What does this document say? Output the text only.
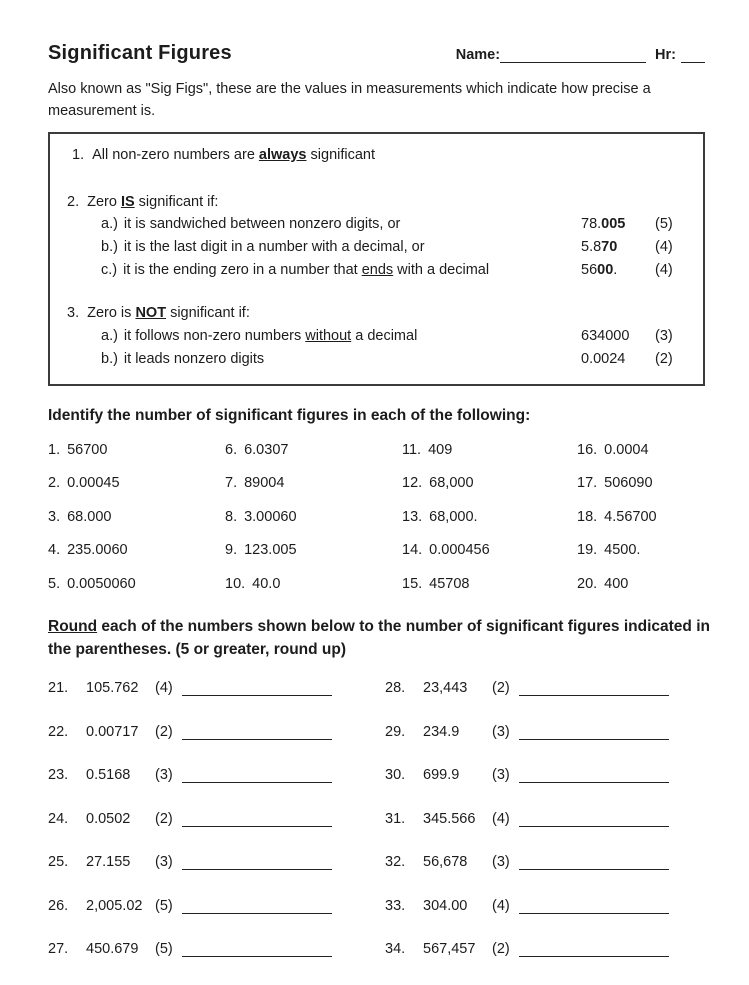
Significant Figures	Name:	Hr:

Also known as "Sig Figs", these are the values in measurements which indicate how precise a measurement is.

1. All non-zero numbers are always significant
2. Zero IS significant if:
a.) it is sandwiched between nonzero digits, or	78.005	(5)
b.) it is the last digit in a number with a decimal, or	5.870	(4)
c.) it is the ending zero in a number that ends with a decimal	5600.	(4)
3. Zero is NOT significant if:
a.) it follows non-zero numbers without a decimal	634000	(3)
b.) it leads nonzero digits	0.0024	(2)
Identify the number of significant figures in each of the following:
1. 56700	6. 6.0307	11. 409	16. 0.0004
2. 0.00045	7. 89004	12. 68,000	17. 506090
3. 68.000	8. 3.00060	13. 68,000.	18. 4.56700
4. 235.0060	9. 123.005	14. 0.000456	19. 4500.
5. 0.0050060	10. 40.0	15. 45708	20. 400
Round each of the numbers shown below to the number of significant figures indicated in the parentheses. (5 or greater, round up)
21.	105.762	(4)
22.	0.00717	(2)
23.	0.5168	(3)
24.	0.0502	(2)
25.	27.155	(3)
26.	2,005.02 (5)
27.	450.679	(5)
28.	23,443	(2)
29.	234.9	(3)
30.	699.9	(3)
31.	345.566	(4)
32.	56,678	(3)
33.	304.00	(4)
34.	567,457	(2)
